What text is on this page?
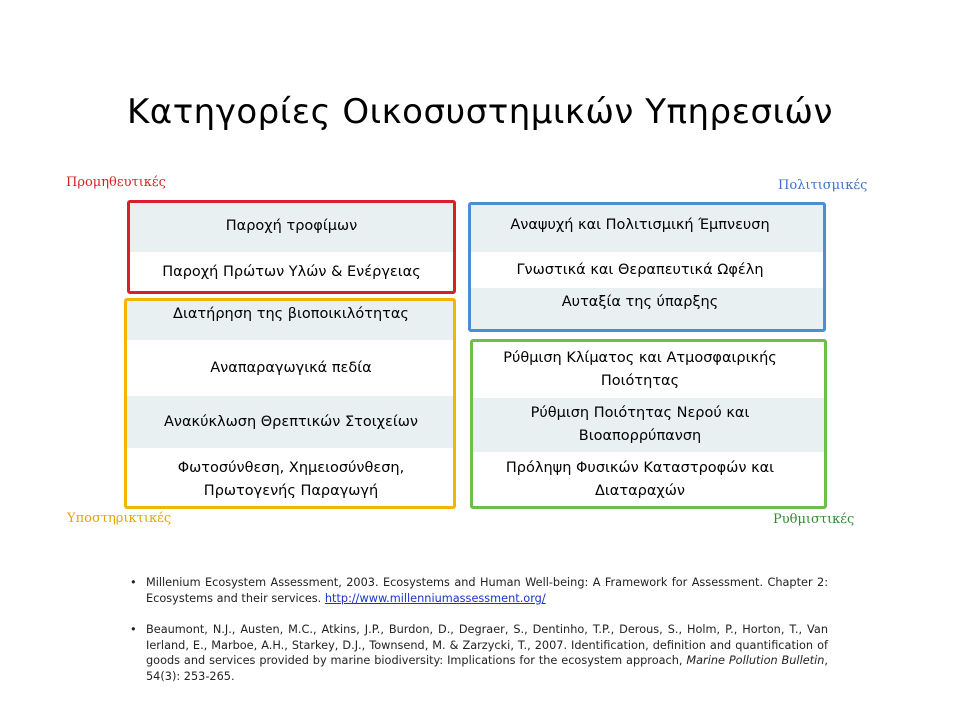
Κατηγορίες Οικοσυστημικών Υπηρεσιών
Προμηθευτικές	Πολιτισμικές
Υποστηρικτικές	Ρυθμιστικές
Παροχή τροφίμων
Παροχή Πρώτων Υλών & Ενέργειας
Διατήρηση της βιοποικιλότητας
Αναπαραγωγικά πεδία
Ανακύκλωση Θρεπτικών Στοιχείων
Φωτοσύνθεση, Χημειοσύνθεση, Πρωτογενής Παραγωγή
Αναψυχή και Πολιτισμική Έμπνευση
Γνωστικά και Θεραπευτικά Ωφέλη
Αυταξία της ύπαρξης
Ρύθμιση Κλίματος και Ατμοσφαιρικής Ποιότητας
Ρύθμιση Ποιότητας Νερού και Βιοαπορρύπανση
Πρόληψη Φυσικών Καταστροφών και Διαταραχών
• Millenium Ecosystem Assessment, 2003. Ecosystems and Human Well-being: A Framework for Assessment. Chapter 2: Ecosystems and their services. http://www.millenniumassessment.org/
• Beaumont, N.J., Austen, M.C., Atkins, J.P., Burdon, D., Degraer, S., Dentinho, T.P., Derous, S., Holm, P., Horton, T., Van Ierland, E., Marboe, A.H., Starkey, D.J., Townsend, M. & Zarzycki, T., 2007. Identification, definition and quantification of goods and services provided by marine biodiversity: Implications for the ecosystem approach, Marine Pollution Bulletin, 54(3): 253-265.
